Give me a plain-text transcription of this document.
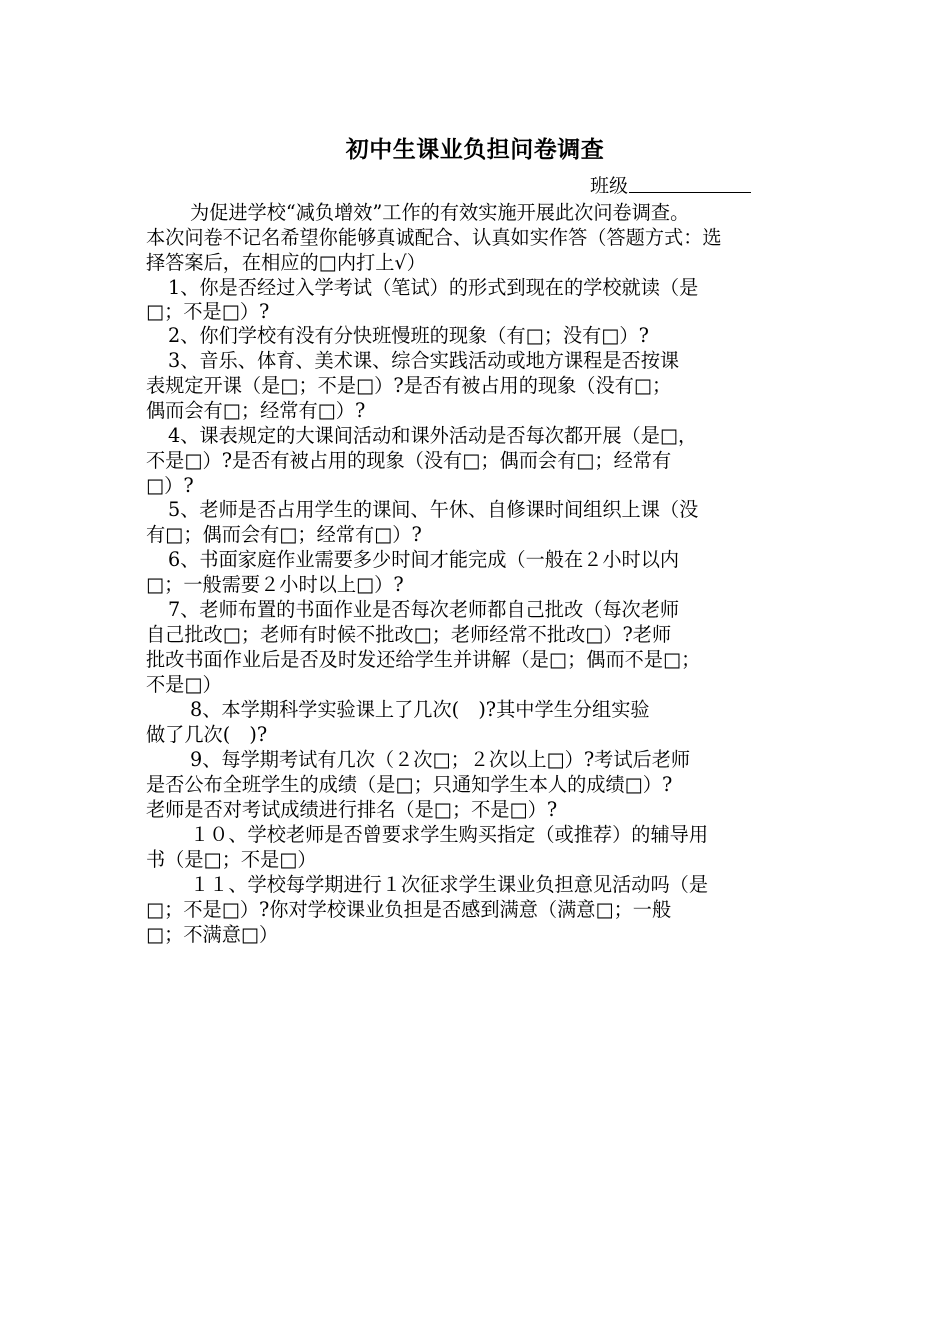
初中生课业负担问卷调查
班级
为促进学校“减负增效”工作的有效实施开展此次问卷调查。
本次问卷不记名希望你能够真诚配合、认真如实作答（答题方式：选
择答案后，在相应的□内打上√）
1、你是否经过入学考试（笔试）的形式到现在的学校就读（是
□；不是□）?
2、你们学校有没有分快班慢班的现象（有□；没有□）?
3、音乐、体育、美术课、综合实践活动或地方课程是否按课
表规定开课（是□；不是□）?是否有被占用的现象（没有□；
偶而会有□；经常有□）?
4、课表规定的大课间活动和课外活动是否每次都开展（是□，
不是□）?是否有被占用的现象（没有□；偶而会有□；经常有
□）?
5、老师是否占用学生的课间、午休、自修课时间组织上课（没
有□；偶而会有□；经常有□）?
6、书面家庭作业需要多少时间才能完成（一般在２小时以内
□；一般需要２小时以上□）?
7、老师布置的书面作业是否每次老师都自己批改（每次老师
自己批改□；老师有时候不批改□；老师经常不批改□）?老师
批改书面作业后是否及时发还给学生并讲解（是□；偶而不是□；
不是□）
8、本学期科学实验课上了几次(　)?其中学生分组实验
做了几次(　)?
9、每学期考试有几次（２次□；２次以上□）?考试后老师
是否公布全班学生的成绩（是□；只通知学生本人的成绩□）?
老师是否对考试成绩进行排名（是□；不是□）?
１０、学校老师是否曾要求学生购买指定（或推荐）的辅导用
书（是□；不是□）
１１、学校每学期进行１次征求学生课业负担意见活动吗（是
□；不是□）?你对学校课业负担是否感到满意（满意□；一般
□；不满意□）
